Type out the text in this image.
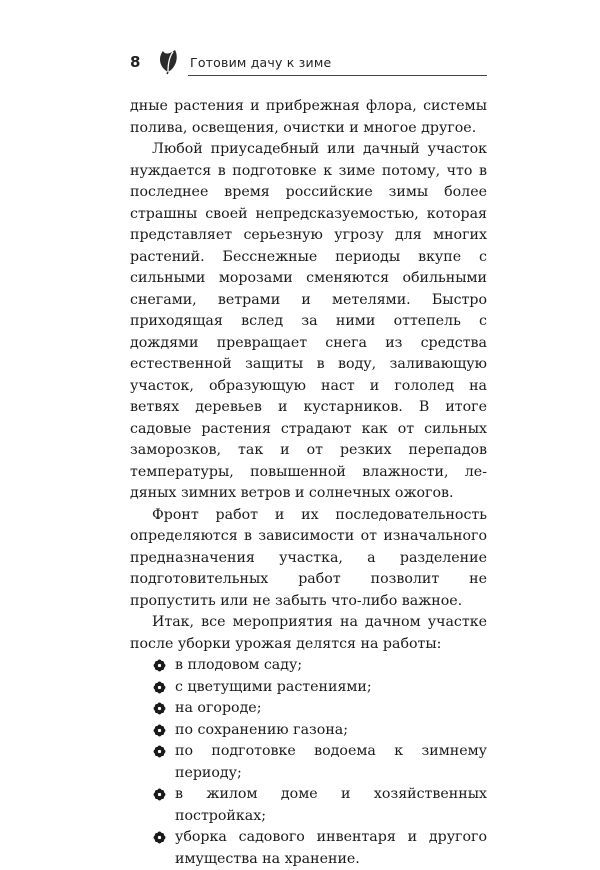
8	Готовим дачу к зиме

дные растения и прибрежная флора, системы полива, освещения, очистки и многое другое.

Любой приусадебный или дачный участок нуждается в подготовке к зиме потому, что в последнее время российские зимы более страшны своей непредсказуемостью, которая представляет серьезную угрозу для многих растений. Бесснежные периоды вкупе с сильными морозами сменяются обильными снегами, ветрами и метелями. Быстро приходящая вслед за ними оттепель с дождями превращает снега из средства естественной защиты в воду, заливающую участок, образующую наст и гололед на ветвях деревьев и кустарников. В итоге садовые растения страдают как от сильных заморозков, так и от резких перепадов температуры, повышенной влажности, ледяных зимних ветров и солнечных ожогов.

Фронт работ и их последовательность определяются в зависимости от изначального предназначения участка, а разделение подготовительных работ позволит не пропустить или не забыть что-либо важное.

Итак, все мероприятия на дачном участке после уборки урожая делятся на работы:

в плодовом саду;
с цветущими растениями;
на огороде;
по сохранению газона;
по подготовке водоема к зимнему периоду;
в жилом доме и хозяйственных постройках;
уборка садового инвентаря и другого имущества на хранение.
